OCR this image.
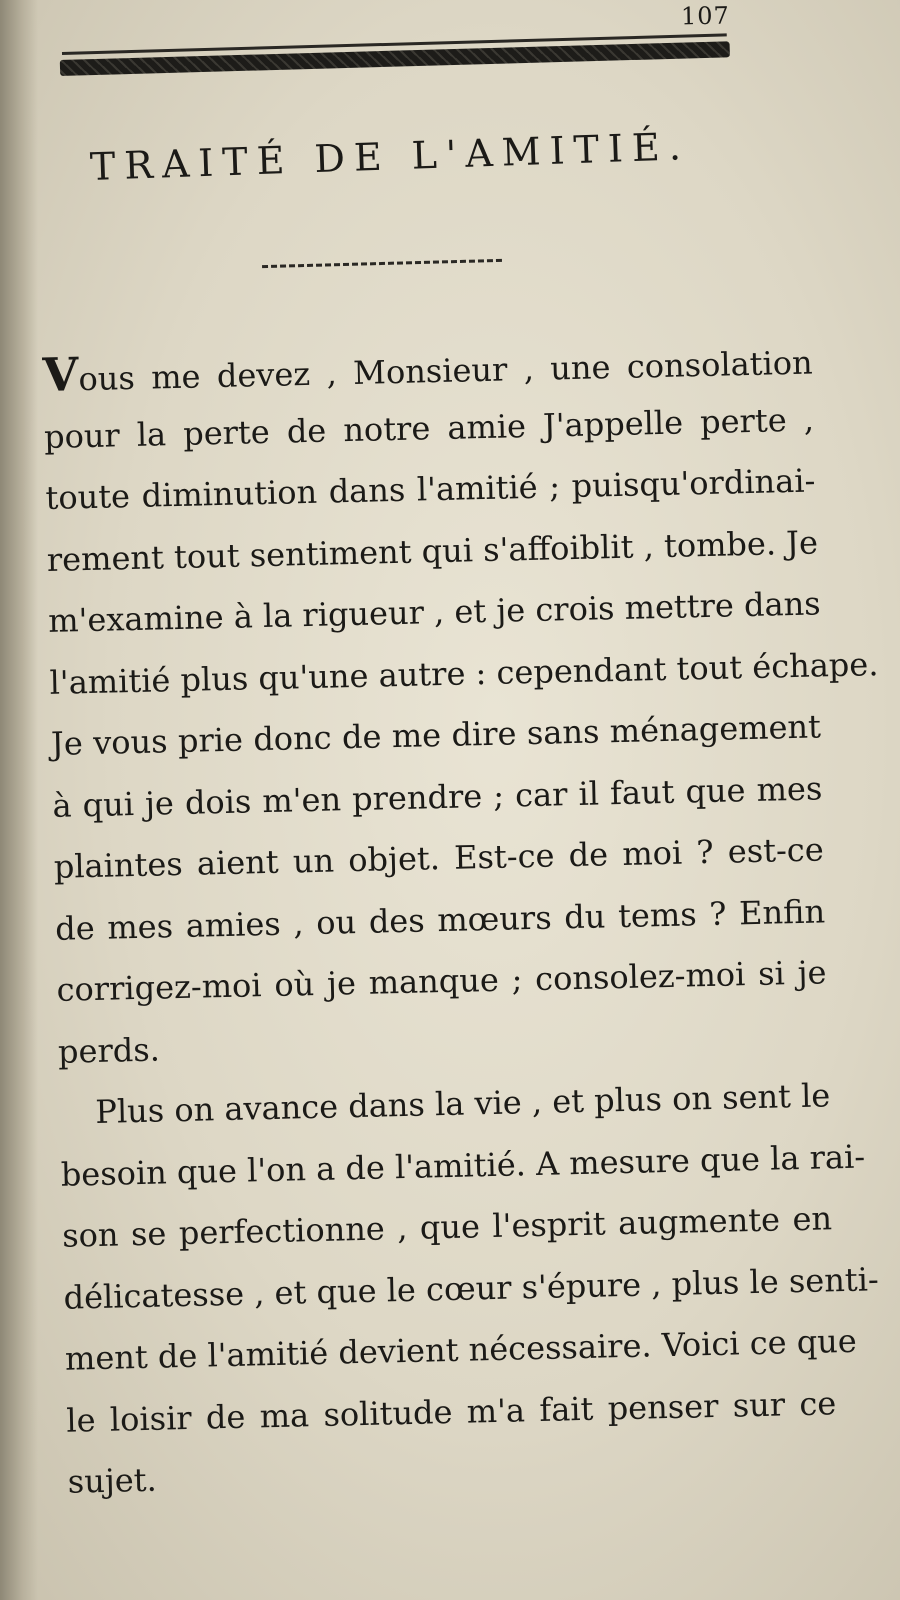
107
TRAITÉ DE L'AMITIÉ.
Vous me devez , Monsieur , une consolation
pour la perte de notre amie J'appelle perte ,
toute diminution dans l'amitié ; puisqu'ordinai-
rement tout sentiment qui s'affoiblit , tombe. Je
m'examine à la rigueur , et je crois mettre dans
l'amitié plus qu'une autre : cependant tout échape.
Je vous prie donc de me dire sans ménagement
à qui je dois m'en prendre ; car il faut que mes
plaintes aient un objet. Est-ce de moi ? est-ce
de mes amies , ou des mœurs du tems ? Enfin
corrigez-moi où je manque ; consolez-moi si je
perds.
Plus on avance dans la vie , et plus on sent le
besoin que l'on a de l'amitié. A mesure que la rai-
son se perfectionne , que l'esprit augmente en
délicatesse , et que le cœur s'épure , plus le senti-
ment de l'amitié devient nécessaire. Voici ce que
le loisir de ma solitude m'a fait penser sur ce
sujet.
